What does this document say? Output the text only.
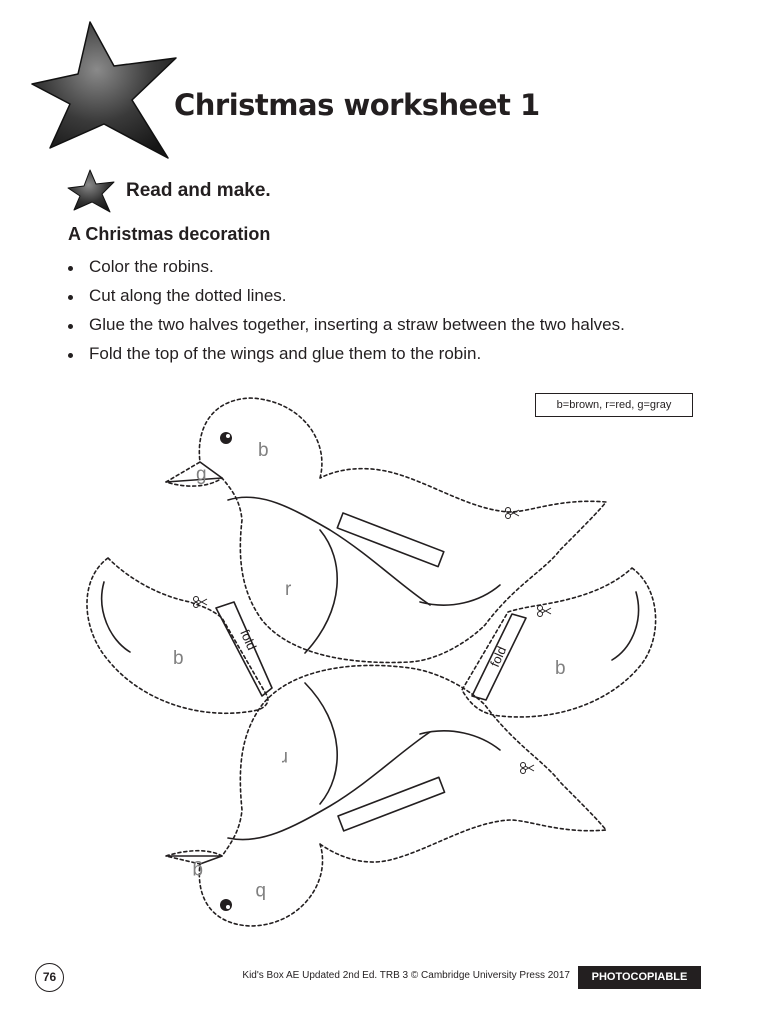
Christmas worksheet 1

Read and make.

A Christmas decoration

Color the robins.
Cut along the dotted lines.
Glue the two halves together, inserting a straw between the two halves.
Fold the top of the wings and glue them to the robin.
b=brown, r=red, g=gray
b
g
r
b	b
r
g
b
fold
fold
76	Kid's Box AE Updated 2nd Ed. TRB 3 © Cambridge University Press 2017	PHOTOCOPIABLE
